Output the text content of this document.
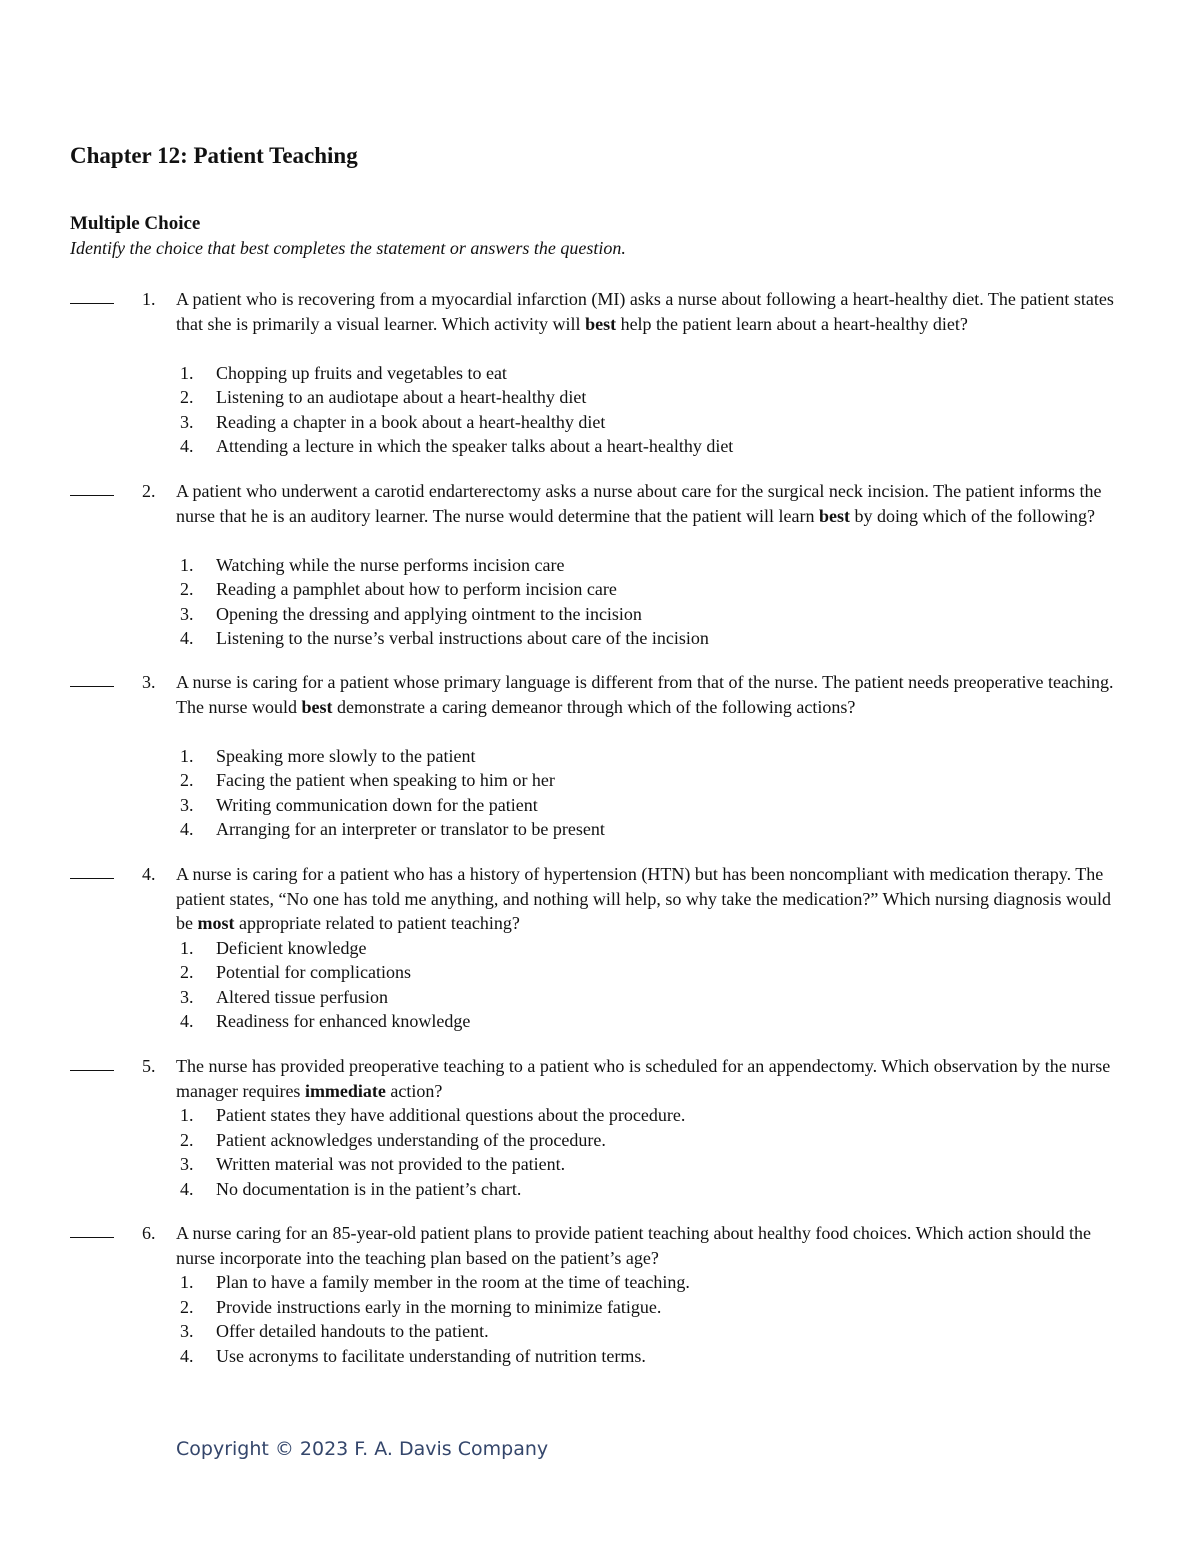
Chapter 12: Patient Teaching
Multiple Choice

Identify the choice that best completes the statement or answers the question.

1. A patient who is recovering from a myocardial infarction (MI) asks a nurse about following a heart-healthy diet. The patient states that she is primarily a visual learner. Which activity will best help the patient learn about a heart-healthy diet?
1. Chopping up fruits and vegetables to eat
2. Listening to an audiotape about a heart-healthy diet
3. Reading a chapter in a book about a heart-healthy diet
4. Attending a lecture in which the speaker talks about a heart-healthy diet
2. A patient who underwent a carotid endarterectomy asks a nurse about care for the surgical neck incision. The patient informs the nurse that he is an auditory learner. The nurse would determine that the patient will learn best by doing which of the following?
1. Watching while the nurse performs incision care
2. Reading a pamphlet about how to perform incision care
3. Opening the dressing and applying ointment to the incision
4. Listening to the nurse’s verbal instructions about care of the incision
3. A nurse is caring for a patient whose primary language is different from that of the nurse. The patient needs preoperative teaching. The nurse would best demonstrate a caring demeanor through which of the following actions?
1. Speaking more slowly to the patient
2. Facing the patient when speaking to him or her
3. Writing communication down for the patient
4. Arranging for an interpreter or translator to be present
4. A nurse is caring for a patient who has a history of hypertension (HTN) but has been noncompliant with medication therapy. The patient states, “No one has told me anything, and nothing will help, so why take the medication?” Which nursing diagnosis would be most appropriate related to patient teaching?
1. Deficient knowledge
2. Potential for complications
3. Altered tissue perfusion
4. Readiness for enhanced knowledge
5. The nurse has provided preoperative teaching to a patient who is scheduled for an appendectomy. Which observation by the nurse manager requires immediate action?
1. Patient states they have additional questions about the procedure.
2. Patient acknowledges understanding of the procedure.
3. Written material was not provided to the patient.
4. No documentation is in the patient’s chart.
6. A nurse caring for an 85-year-old patient plans to provide patient teaching about healthy food choices. Which action should the nurse incorporate into the teaching plan based on the patient’s age?
1. Plan to have a family member in the room at the time of teaching.
2. Provide instructions early in the morning to minimize fatigue.
3. Offer detailed handouts to the patient.
4. Use acronyms to facilitate understanding of nutrition terms.
Copyright © 2023 F. A. Davis Company
